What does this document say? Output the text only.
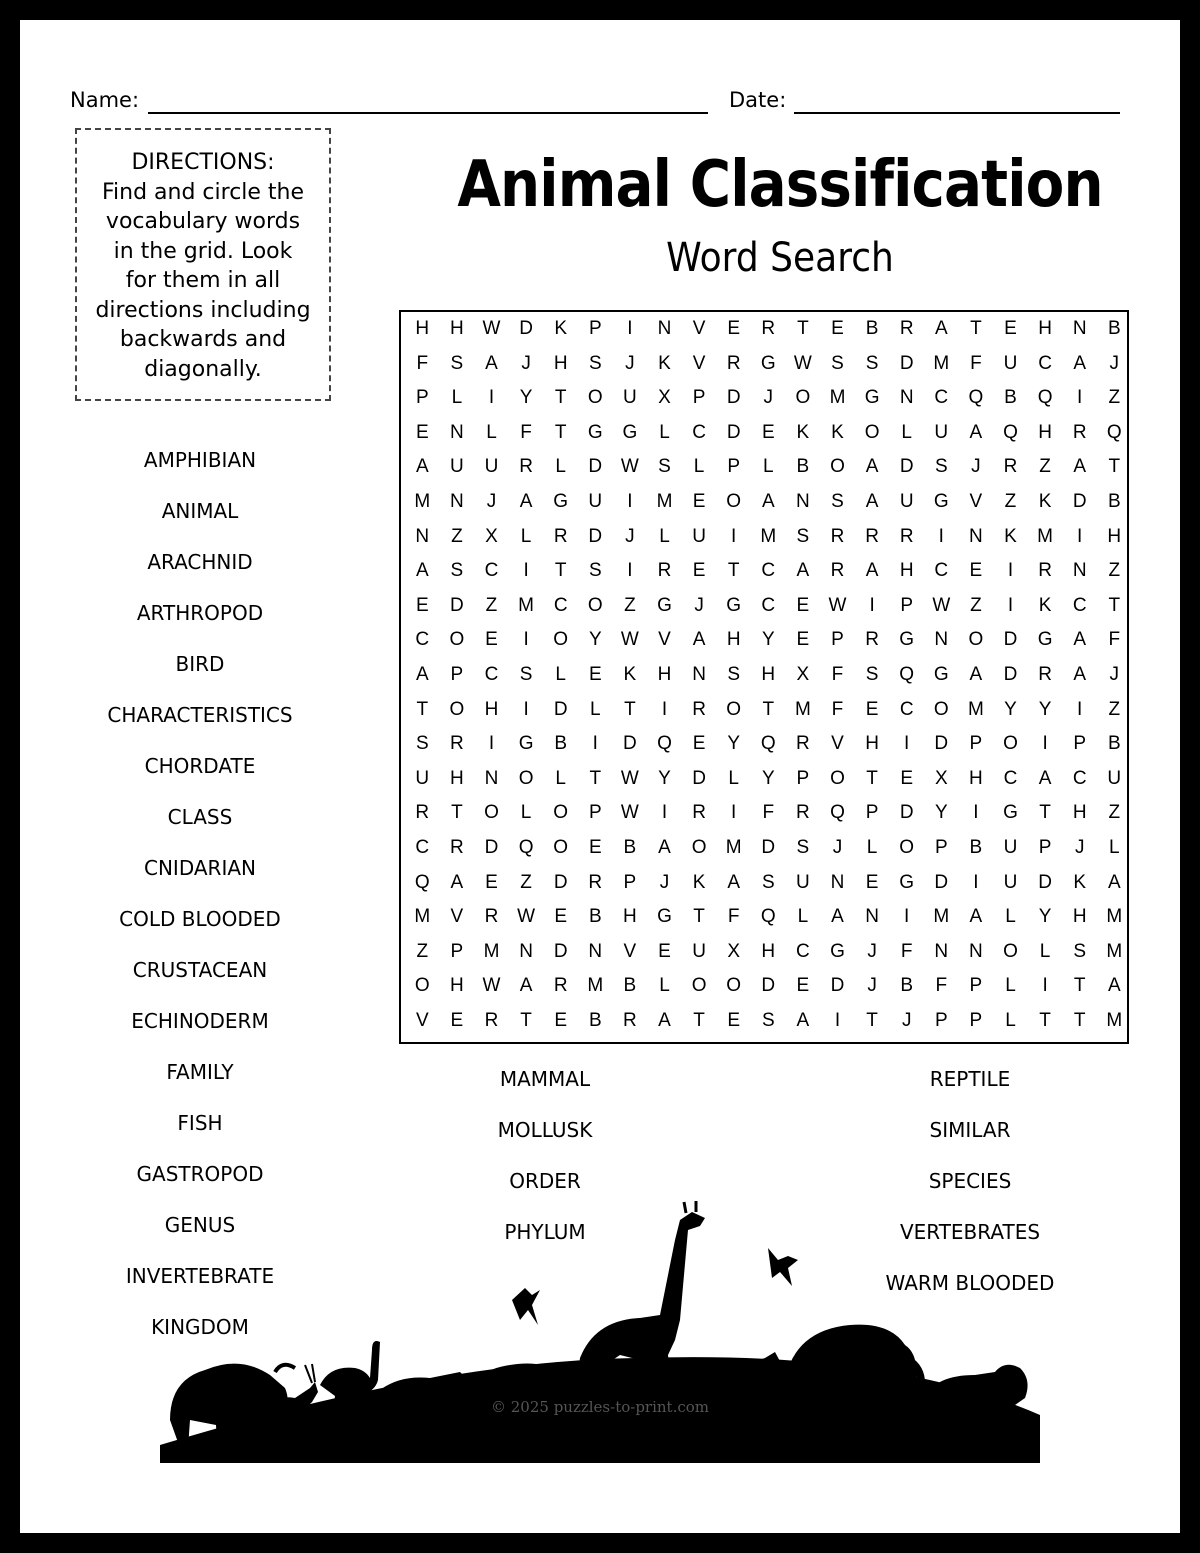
Name:	Date:
DIRECTIONS:
Find and circle the
vocabulary words
in the grid. Look
for them in all
directions including
backwards and
diagonally.
Animal Classification
Word Search
H	H W D	K	P	I	N	V	E	R	T	E	B	R	A	T	E	H	N	B
F	S	A	J	H	S	J	K	V	R	G W	S	S	D	M	F	U	C	A	J
P	L	I	Y	T	O	U	X	P	D	J	O	M	G	N	C	Q	B	Q	I	Z
E	N	L	F	T	G	G	L	C	D	E	K	K	O	L	U	A	Q	H	R	Q
A	U	U	R	L	D W	S	L	P	L	B	O	A	D	S	J	R	Z	A	T
M	N	J	A	G	U	I	M	E	O	A	N	S	A	U	G	V	Z	K	D	B
N	Z	X	L	R	D	J	L	U	I	M	S	R	R	R	I	N	K	M	I	H
A	S	C	I	T	S	I	R	E	T	C	A	R	A	H	C	E	I	R	N	Z
E	D	Z	M	C	O	Z	G	J	G	C	E	W	I	P	W	Z	I	K	C	T
C	O	E	I	O	Y	W	V	A	H	Y	E	P	R	G	N	O	D	G	A	F
A	P	C	S	L	E	K	H	N	S	H	X	F	S	Q	G	A	D	R	A	J
T	O	H	I	D	L	T	I	R	O	T	M	F	E	C	O	M	Y	Y	I	Z
S	R	I	G	B	I	D	Q	E	Y	Q	R	V	H	I	D	P	O	I	P	B
U	H	N	O	L	T	W	Y	D	L	Y	P	O	T	E	X	H	C	A	C	U
R	T	O	L	O	P	W	I	R	I	F	R	Q	P	D	Y	I	G	T	H	Z
C	R	D	Q	O	E	B	A	O	M	D	S	J	L	O	P	B	U	P	J	L
Q	A	E	Z	D	R	P	J	K	A	S	U	N	E	G	D	I	U	D	K	A
M	V	R W	E	B	H	G	T	F	Q	L	A	N	I	M	A	L	Y	H	M
Z	P	M	N	D	N	V	E	U	X	H	C	G	J	F	N	N	O	L	S	M
O	H W	A	R	M	B	L	O	O	D	E	D	J	B	F	P	L	I	T	A
V	E	R	T	E	B	R	A	T	E	S	A	I	T	J	P	P	L	T	T	M
AMPHIBIAN
ANIMAL
ARACHNID
ARTHROPOD
BIRD
CHARACTERISTICS
CHORDATE
CLASS
CNIDARIAN
COLD BLOODED
CRUSTACEAN
ECHINODERM
FAMILY
FISH
GASTROPOD
GENUS
INVERTEBRATE
KINGDOM
MAMMAL
MOLLUSK
ORDER
PHYLUM
REPTILE
SIMILAR
SPECIES
VERTEBRATES
WARM BLOODED
© 2025 puzzles-to-print.com
